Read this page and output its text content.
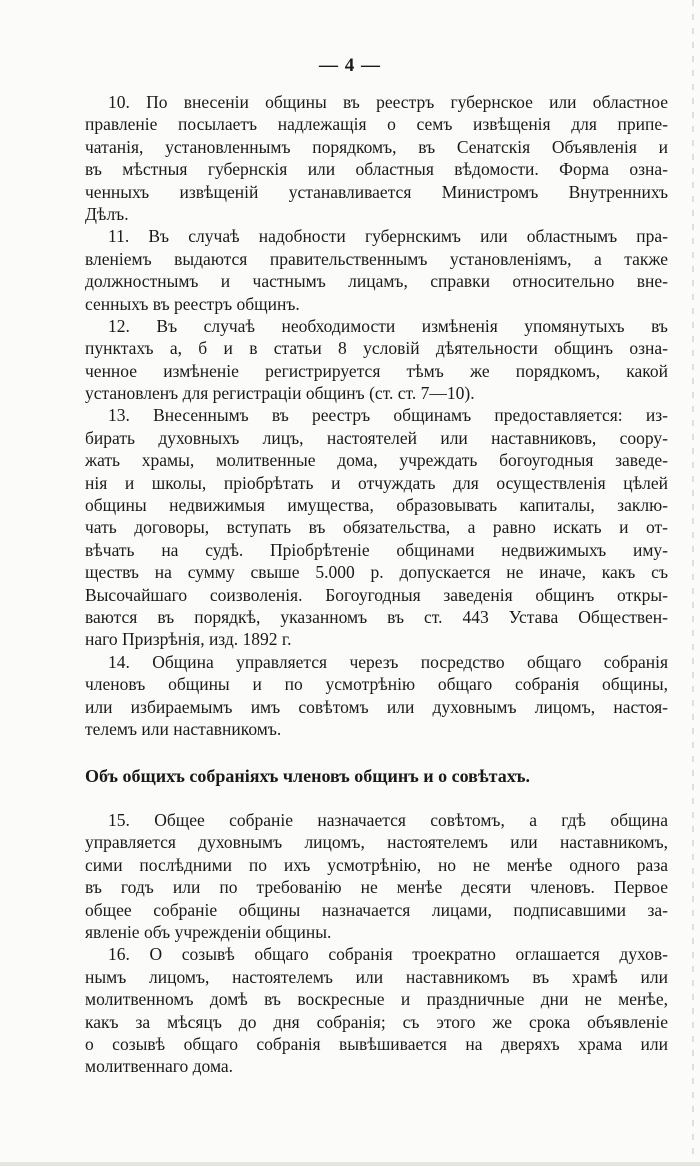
— 4 —
10. По внесеніи общины въ реестръ губернское или областное
правленіе посылаетъ надлежащія о семъ извѣщенія для припе-
чатанія, установленнымъ порядкомъ, въ Сенатскія Объявленія и
въ мѣстныя губернскія или областныя вѣдомости. Форма озна-
ченныхъ извѣщеній устанавливается Министромъ Внутреннихъ
Дѣлъ.
11. Въ случаѣ надобности губернскимъ или областнымъ пра-
вленіемъ выдаются правительственнымъ установленіямъ, а также
должностнымъ и частнымъ лицамъ, справки относительно вне-
сенныхъ въ реестръ общинъ.
12. Въ случаѣ необходимости измѣненія упомянутыхъ въ
пунктахъ а, б и в статьи 8 условій дѣятельности общинъ озна-
ченное измѣненіе регистрируется тѣмъ же порядкомъ, какой
установленъ для регистраціи общинъ (ст. ст. 7—10).
13. Внесеннымъ въ реестръ общинамъ предоставляется: из-
бирать духовныхъ лицъ, настоятелей или наставниковъ, соору-
жать храмы, молитвенные дома, учреждать богоугодныя заведе-
нія и школы, пріобрѣтать и отчуждать для осуществленія цѣлей
общины недвижимыя имущества, образовывать капиталы, заклю-
чать договоры, вступать въ обязательства, а равно искать и от-
вѣчать на судѣ. Пріобрѣтеніе общинами недвижимыхъ иму-
ществъ на сумму свыше 5.000 р. допускается не иначе, какъ съ
Высочайшаго соизволенія. Богоугодныя заведенія общинъ откры-
ваются въ порядкѣ, указанномъ въ ст. 443 Устава Обществен-
наго Призрѣнія, изд. 1892 г.
14. Община управляется черезъ посредство общаго собранія
членовъ общины и по усмотрѣнію общаго собранія общины,
или избираемымъ имъ совѣтомъ или духовнымъ лицомъ, настоя-
телемъ или наставникомъ.
Объ общихъ собраніяхъ членовъ общинъ и о совѣтахъ.
15. Общее собраніе назначается совѣтомъ, а гдѣ община
управляется духовнымъ лицомъ, настоятелемъ или наставникомъ,
сими послѣдними по ихъ усмотрѣнію, но не менѣе одного раза
въ годъ или по требованію не менѣе десяти членовъ. Первое
общее собраніе общины назначается лицами, подписавшими за-
явленіе объ учрежденіи общины.
16. О созывѣ общаго собранія троекратно оглашается духов-
нымъ лицомъ, настоятелемъ или наставникомъ въ храмѣ или
молитвенномъ домѣ въ воскресные и праздничные дни не менѣе,
какъ за мѣсяцъ до дня собранія; съ этого же срока объявленіе
о созывѣ общаго собранія вывѣшивается на дверяхъ храма или
молитвеннаго дома.
